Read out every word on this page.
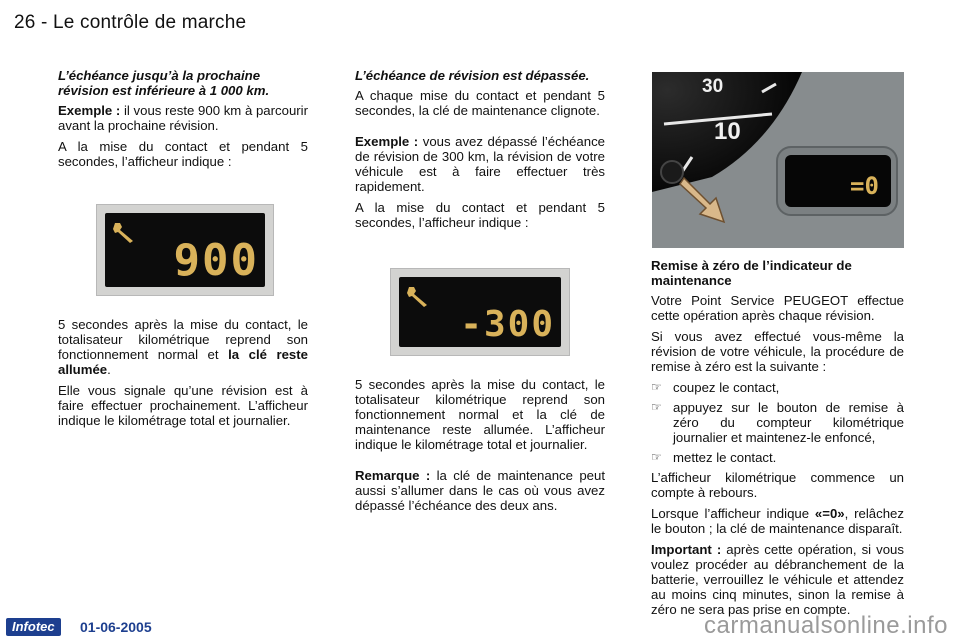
26 - Le contrôle de marche

L’échéance jusqu’à la prochaine révision est inférieure à 1 000 km.

Exemple : il vous reste 900 km à parcourir avant la prochaine révision.

A la mise du contact et pendant 5 secondes, l’afficheur indique :

900

5 secondes après la mise du contact, le totalisateur kilométrique reprend son fonctionnement normal et la clé reste allumée.

Elle vous signale qu’une révision est à faire effectuer prochainement. L’afficheur indique le kilométrage total et journalier.

L’échéance de révision est dépassée.

A chaque mise du contact et pendant 5 secondes, la clé de maintenance clignote.

Exemple : vous avez dépassé l’échéance de révision de 300 km, la révision de votre véhicule est à faire effectuer très rapidement.

A la mise du contact et pendant 5 secondes, l’afficheur indique :

-300

5 secondes après la mise du contact, le totalisateur kilométrique reprend son fonctionnement normal et la clé de maintenance reste allumée. L’afficheur indique le kilométrage total et journalier.

Remarque : la clé de maintenance peut aussi s’allumer dans le cas où vous avez dépassé l’échéance des deux ans.

30
10
=0

Remise à zéro de l’indicateur de maintenance

Votre Point Service PEUGEOT effectue cette opération après chaque révision.

Si vous avez effectué vous-même la révision de votre véhicule, la procédure de remise à zéro est la suivante :

☞ coupez le contact,
☞ appuyez sur le bouton de remise à zéro du compteur kilométrique journalier et maintenez-le enfoncé,
☞ mettez le contact.

L’afficheur kilométrique commence un compte à rebours.

Lorsque l’afficheur indique «=0», relâchez le bouton ; la clé de maintenance disparaît.

Important : après cette opération, si vous voulez procéder au débranchement de la batterie, verrouillez le véhicule et attendez au moins cinq minutes, sinon la remise à zéro ne sera pas prise en compte.

Infotec	01-06-2005	carmanualsonline.info
